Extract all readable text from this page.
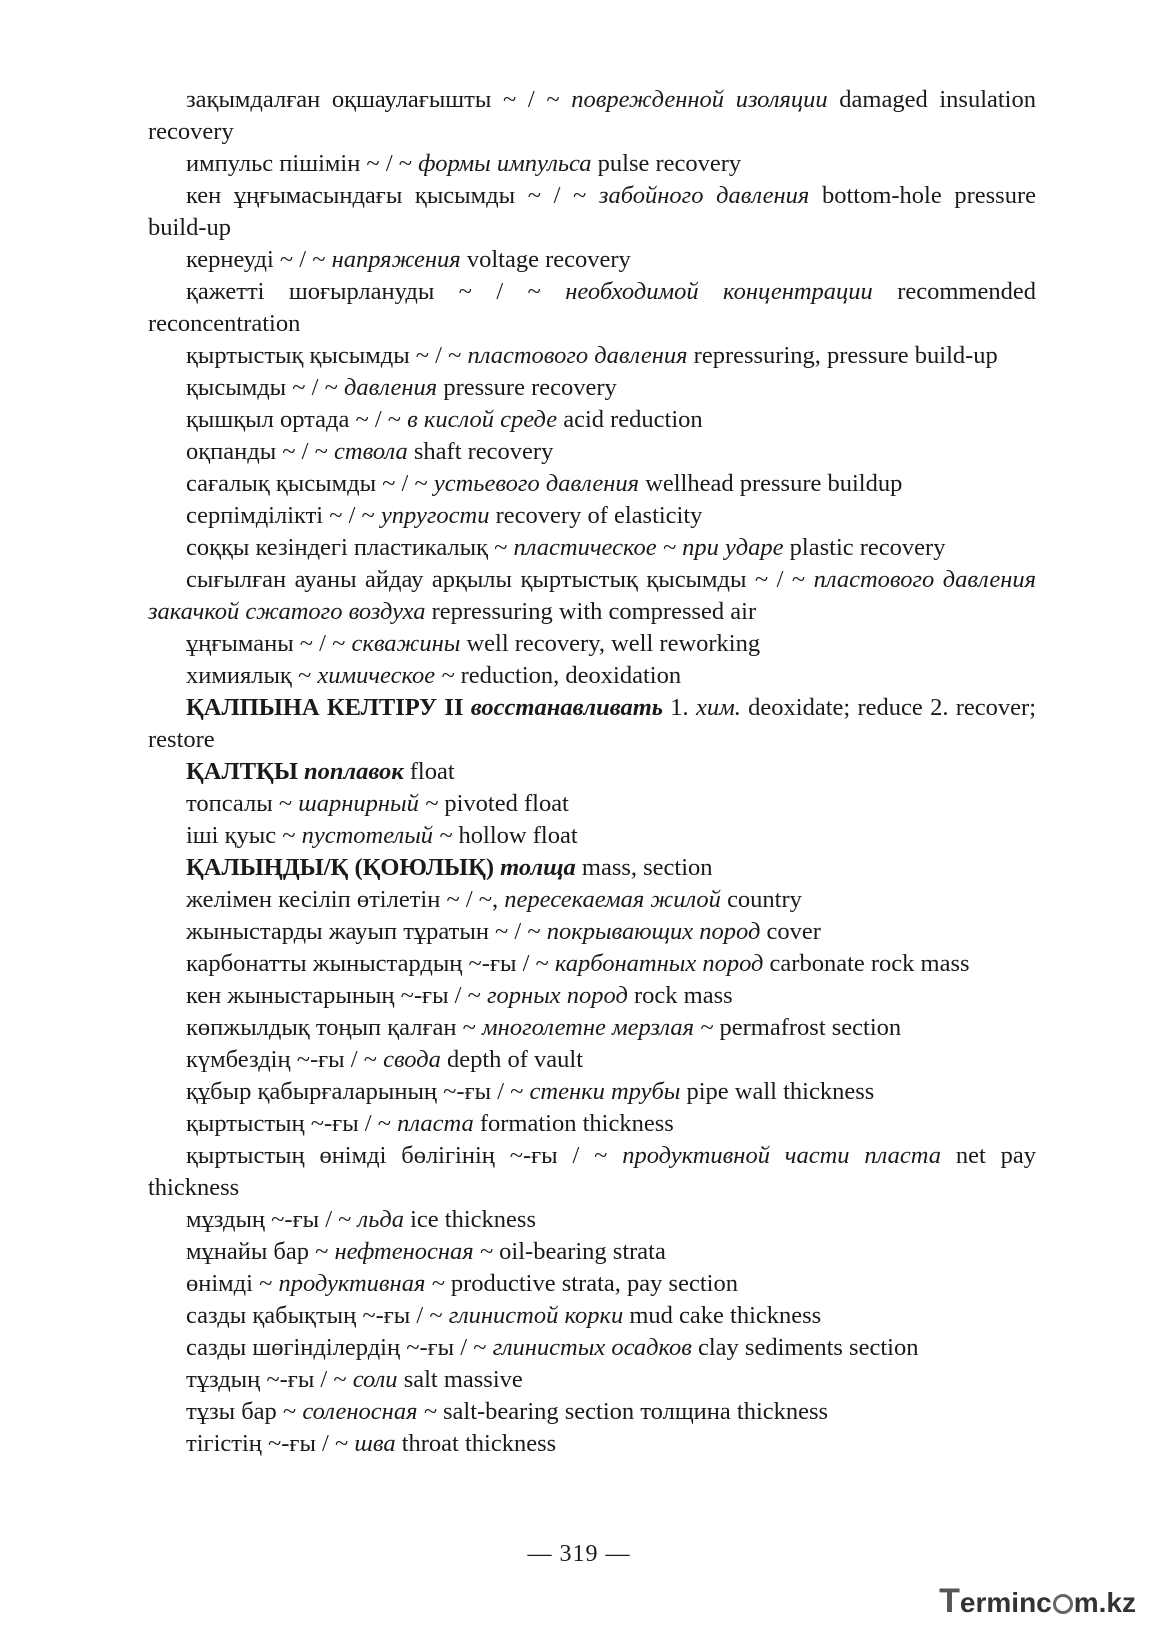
зақымдалған оқшаулағышты ~ / ~ поврежденной изоляции damaged insulation recovery

импульс пішімін ~ / ~ формы импульса pulse recovery

кен ұңғымасындағы қысымды ~ / ~ забойного давления bottom-hole pressure build-up

кернеуді ~ / ~ напряжения voltage recovery

қажетті шоғырлануды ~ / ~ необходимой концентрации recommended reconcentration

қыртыстық қысымды ~ / ~ пластового давления repressuring, pressure build-up

қысымды ~ / ~ давления pressure recovery

қышқыл ортада ~ / ~ в кислой среде acid reduction

оқпанды ~ / ~ ствола shaft recovery

сағалық қысымды ~ / ~ устьевого давления wellhead pressure buildup

серпімділікті ~ / ~ упругости recovery of elasticity

соққы кезіндегі пластикалық ~ пластическое ~ при ударе plastic recovery

сығылған ауаны айдау арқылы қыртыстық қысымды ~ / ~ пластового давления закачкой сжатого воздуха repressuring with compressed air

ұңғыманы ~ / ~ скважины well recovery, well reworking

химиялық ~ химическое ~ reduction, deoxidation

ҚАЛПЫНА КЕЛТІРУ II восстанавливать 1. хим. deoxidate; reduce 2. recover; restore

ҚАЛТҚЫ поплавок float

топсалы ~ шарнирный ~ pivoted float

іші қуыс ~ пустотелый ~ hollow float

ҚАЛЫҢДЫ/Қ (ҚОЮЛЫҚ) толща mass, section

желімен кесіліп өтілетін ~ / ~, пересекаемая жилой country

жыныстарды жауып тұратын ~ / ~ покрывающих пород cover

карбонатты жыныстардың ~-ғы / ~ карбонатных пород carbonate rock mass

кен жыныстарының ~-ғы / ~ горных пород rock mass

көпжылдық тоңып қалған ~ многолетне мерзлая ~ permafrost section

күмбездің ~-ғы / ~ свода depth of vault

құбыр қабырғаларының ~-ғы / ~ стенки трубы pipe wall thickness

қыртыстың ~-ғы / ~ пласта formation thickness

қыртыстың өнімді бөлігінің ~-ғы / ~ продуктивной части пласта net pay thickness

мұздың ~-ғы / ~ льда ice thickness

мұнайы бар ~ нефтеносная ~ oil-bearing strata

өнімді ~ продуктивная ~ productive strata, pay section

сазды қабықтың ~-ғы / ~ глинистой корки mud cake thickness

сазды шөгінділердің ~-ғы / ~ глинистых осадков clay sediments section

тұздың ~-ғы / ~ соли salt massive

тұзы бар ~ соленосная ~ salt-bearing section толщина thickness

тігістің ~-ғы / ~ шва throat thickness

— 319 —
Terminc m.kz
